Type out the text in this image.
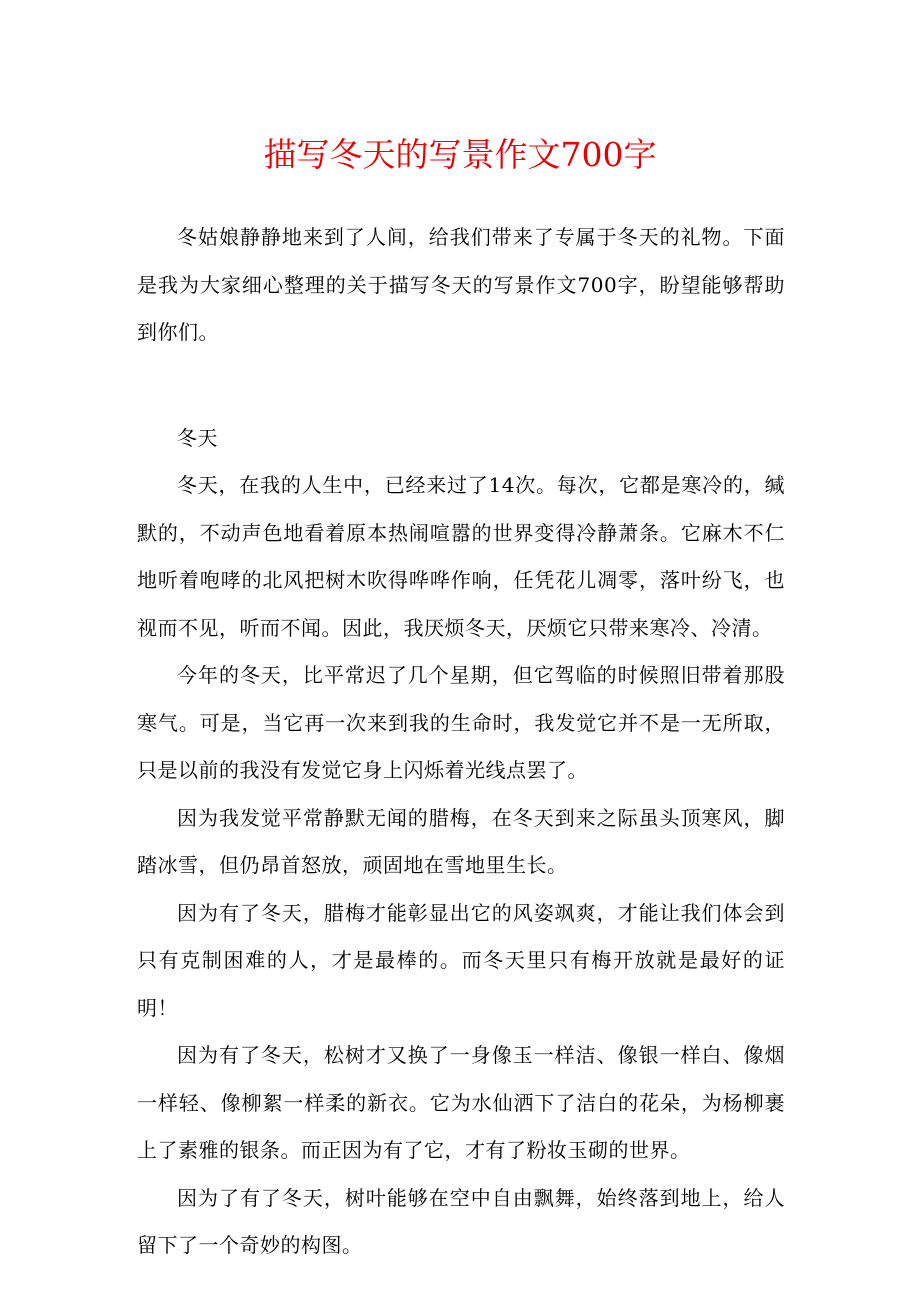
描写冬天的写景作文700字

冬姑娘静静地来到了人间，给我们带来了专属于冬天的礼物。下面是我为大家细心整理的关于描写冬天的写景作文700字，盼望能够帮助到你们。

冬天

冬天，在我的人生中，已经来过了14次。每次，它都是寒冷的，缄默的，不动声色地看着原本热闹喧嚣的世界变得冷静萧条。它麻木不仁地听着咆哮的北风把树木吹得哗哗作响，任凭花儿凋零，落叶纷飞，也视而不见，听而不闻。因此，我厌烦冬天，厌烦它只带来寒冷、冷清。

今年的冬天，比平常迟了几个星期，但它驾临的时候照旧带着那股寒气。可是，当它再一次来到我的生命时，我发觉它并不是一无所取，只是以前的我没有发觉它身上闪烁着光线点罢了。

因为我发觉平常静默无闻的腊梅，在冬天到来之际虽头顶寒风，脚踏冰雪，但仍昂首怒放，顽固地在雪地里生长。

因为有了冬天，腊梅才能彰显出它的风姿飒爽，才能让我们体会到只有克制困难的人，才是最棒的。而冬天里只有梅开放就是最好的证明！

因为有了冬天，松树才又换了一身像玉一样洁、像银一样白、像烟一样轻、像柳絮一样柔的新衣。它为水仙洒下了洁白的花朵，为杨柳裹上了素雅的银条。而正因为有了它，才有了粉妆玉砌的世界。

因为了有了冬天，树叶能够在空中自由飘舞，始终落到地上，给人留下了一个奇妙的构图。
